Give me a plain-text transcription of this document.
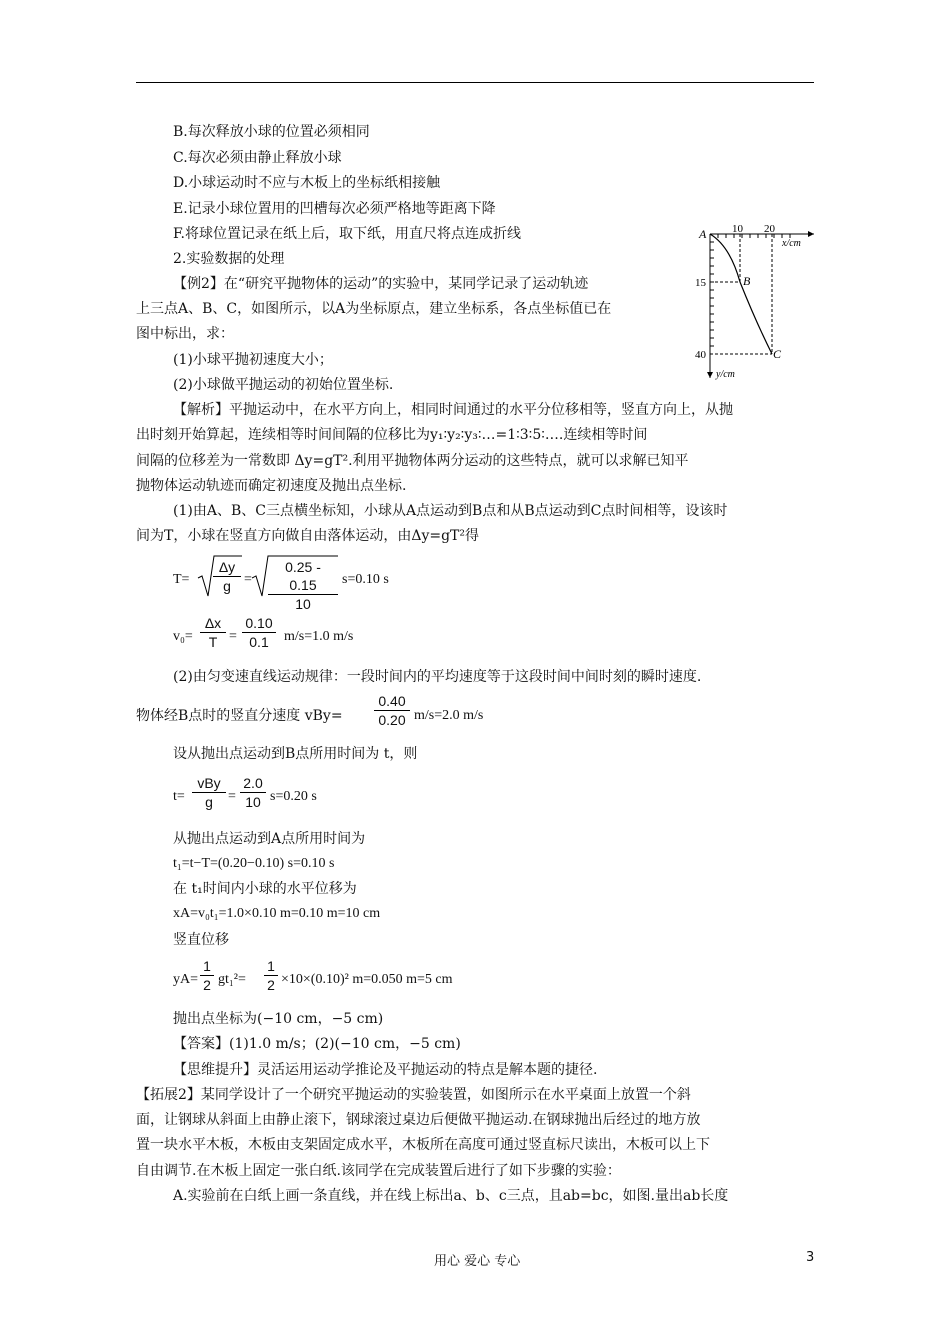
B.每次释放小球的位置必须相同
C.每次必须由静止释放小球
D.小球运动时不应与木板上的坐标纸相接触
E.记录小球位置用的凹槽每次必须严格地等距离下降
F.将球位置记录在纸上后，取下纸，用直尺将点连成折线
2.实验数据的处理
【例2】在“研究平抛物体的运动”的实验中，某同学记录了运动轨迹
上三点A、B、C，如图所示，以A为坐标原点，建立坐标系，各点坐标值已在
图中标出，求：
(1)小球平抛初速度大小；
(2)小球做平抛运动的初始位置坐标.
A
B
C
10 20
x/cm
15
40
y/cm
【解析】平抛运动中，在水平方向上，相同时间通过的水平分位移相等，竖直方向上，从抛
出时刻开始算起，连续相等时间间隔的位移比为y₁∶y₂∶y₃∶…=1∶3∶5∶….连续相等时间
间隔的位移差为一常数即 Δy=gT².利用平抛物体两分运动的这些特点，就可以求解已知平
抛物体运动轨迹而确定初速度及抛出点坐标.
(1)由A、B、C三点横坐标知，小球从A点运动到B点和从B点运动到C点时间相等，设该时
间为T，小球在竖直方向做自由落体运动，由Δy=gT²得
$T= \frac{\Delta y}{g} = \frac{0.25 - 0.15}{10} s=0.10$ s
$v_0= \frac{\Delta x}{T} = \frac{0.10}{0.1} m/s=1.0$ m/s
(2)由匀变速直线运动规律：一段时间内的平均速度等于这段时间中间时刻的瞬时速度.
物体经B点时的竖直分速度 $vBy= \frac{0.40}{0.20} m/s=2.0$ m/s
设从抛出点运动到B点所用时间为 t，则
t=
vBy
g	= $\frac{2.0}{10} s=0.20$ s
从抛出点运动到A点所用时间为
t₁=t−T=(0.20−0.10) s=0.10 s
在 t₁时间内小球的水平位移为
xA=v₀t₁=1.0×0.10 m=0.10 m=10 cm
竖直位移
$yA= \frac{1}{2} gt_1^2= \frac{1}{2} \times 10\times(0.10)^2$ m=0.050 m=5 cm
抛出点坐标为(−10 cm，−5 cm)
【答案】(1)1.0 m/s；(2)(−10 cm，−5 cm)
【思维提升】灵活运用运动学推论及平抛运动的特点是解本题的捷径.
【拓展2】某同学设计了一个研究平抛运动的实验装置，如图所示在水平桌面上放置一个斜
面，让钢球从斜面上由静止滚下，钢球滚过桌边后便做平抛运动.在钢球抛出后经过的地方放
置一块水平木板，木板由支架固定成水平，木板所在高度可通过竖直标尺读出，木板可以上下
自由调节.在木板上固定一张白纸.该同学在完成装置后进行了如下步骤的实验：
A.实验前在白纸上画一条直线，并在线上标出a、b、c三点，且ab=bc，如图.量出ab长度
用心 爱心 专心	3
